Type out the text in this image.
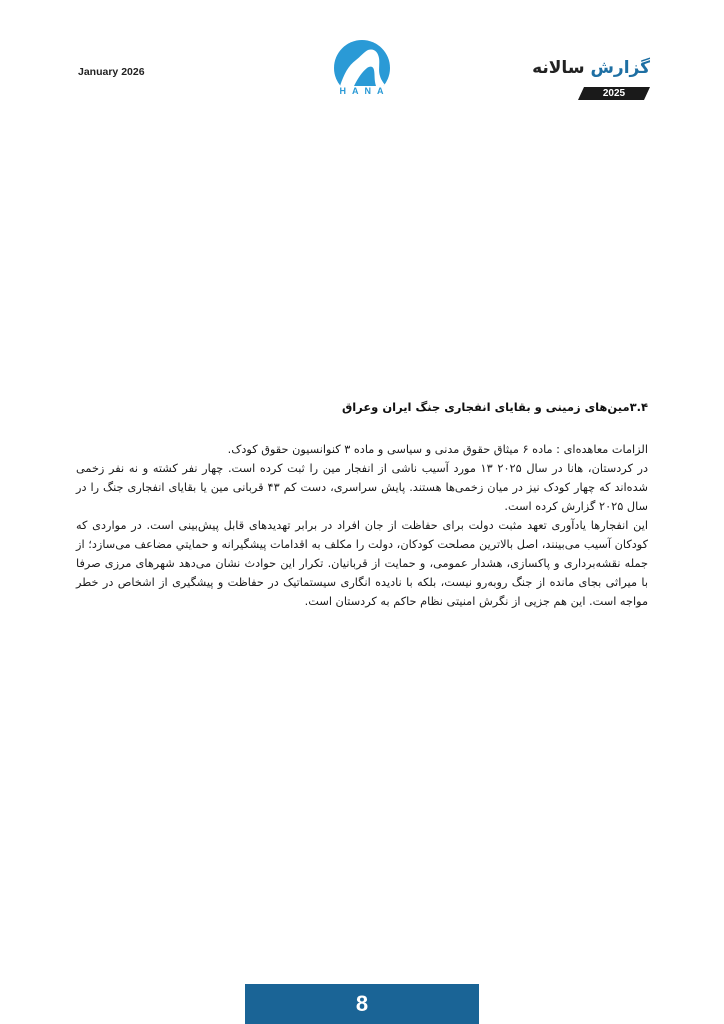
January 2026
HANA
گزارش سالانه
2025
۳.۴مین‌های زمینی و بقایای انفجاری جنگ ایران وعراق

الزامات معاهده‌ای : ماده ۶ میثاق حقوق مدنی و سیاسی و ماده ۳ کنوانسیون حقوق کودک.

در کردستان، هانا در سال ۲۰۲۵ ۱۳ مورد آسیب ناشی از انفجار مین را ثبت کرده است. چهار نفر کشته و نه نفر زخمی شده‌اند که چهار کودک نیز در میان زخمی‌ها هستند. پایش سراسری، دست کم ۴۳ قربانی مین یا بقایای انفجاری جنگ را در سال ۲۰۲۵ گزارش کرده است.

این انفجارها یادآوری تعهد مثبت دولت برای حفاظت از جان افراد در برابر تهدیدهای قابل پیش‌بینی است. در مواردی که کودکان آسیب می‌بینند، اصل بالاترین مصلحت کودکان، دولت را مکلف به اقدامات پیشگیرانه و حمایتي مضاعف می‌سازد؛ از جمله نقشه‌برداری و پاکسازی، هشدار عمومی، و حمایت از قربانیان. تکرار این حوادث نشان می‌دهد شهرهای مرزی صرفا با میراثی بجای مانده از جنگ روبه‌رو نیست، بلکه با نادیده انگاری سیستماتیک در حفاظت و پیشگیری از اشخاص در خطر مواجه است. این هم جزیی از نگرش امنیتی نظام حاکم به کردستان است.

8
